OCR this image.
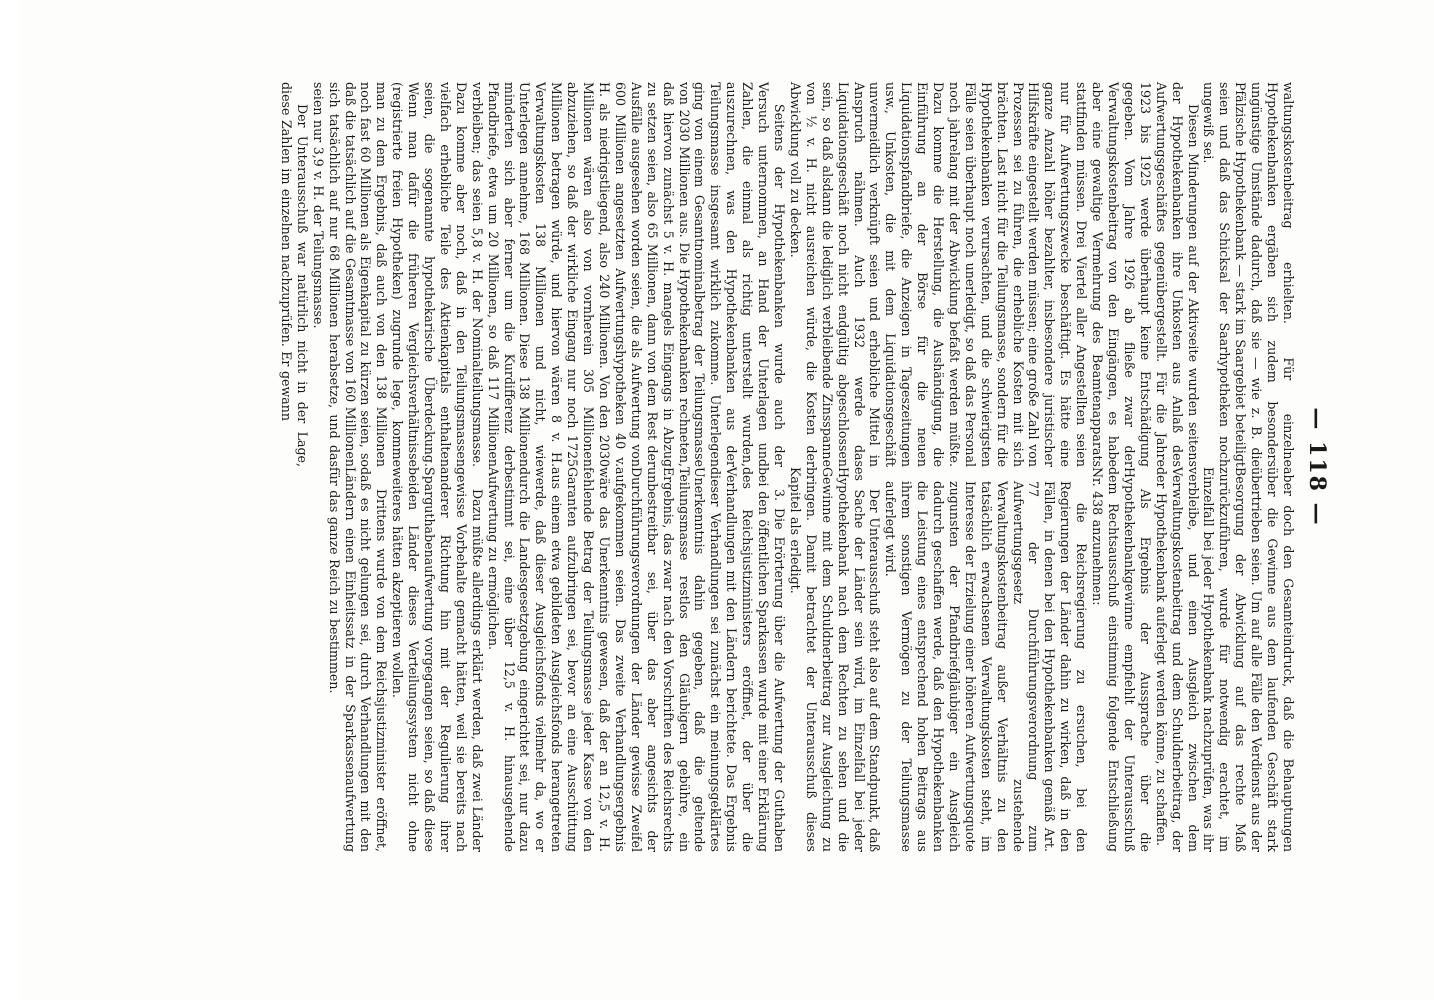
— 118 —

waltungskostenbeitrag erhielten. Für einzelne Hypothekenbanken ergäben sich zudem besonders ungünstige Umstände dadurch, daß sie — wie z. B. die Pfälzische Hypothekenbank — stark im Saargebiet beteiligt seien und daß das Schicksal der Saarhypotheken noch ungewiß sei.

Diesen Minderungen auf der Aktivseite wurden seitens der Hypothekenbanken ihre Unkosten aus Anlaß des Aufwertungsgeschäftes gegenübergestellt. Für die Jahre 1923 bis 1925 werde überhaupt keine Entschädigung gegeben. Vom Jahre 1926 ab fließe zwar der Verwaltungskostenbeitrag von den Eingängen, es habe aber eine gewaltige Vermehrung des Beamtenapparats stattfinden müssen. Drei Viertel aller Angestellten seien nur für Aufwertungszwecke beschäftigt. Es hätte eine ganze Anzahl höher bezahlter, insbesondere juristischer Hilfskräfte eingestellt werden müssen; eine große Zahl von Prozessen sei zu führen, die erhebliche Kosten mit sich brächten. Last nicht für die Teilungsmasse, sondern für die Hypothekenbanken verursachten, und die schwierigsten Fälle seien überhaupt noch unerledigt, so daß das Personal noch jahrelang mit der Abwicklung befaßt werden müßte. Dazu komme die Herstellung, die Aushändigung, die Einführung an der Börse für die neuen Liquidationspfandbriefe, die Anzeigen in Tageszeitungen usw., Unkosten, die mit dem Liquidationsgeschäft unvermeidlich verknüpft seien und erhebliche Mittel in Anspruch nähmen. Auch 1932 werde das Liquidationsgeschäft noch nicht endgültig abgeschlossen sein, so daß alsdann die lediglich verbleibende Zinsspanne von ½ v. H. nicht ausreichen würde, die Kosten der Abwicklung voll zu decken.

Seitens der Hypothekenbanken wurde auch der Versuch unternommen, an Hand der Unterlagen und Zahlen, die einmal als richtig unterstellt wurden, auszurechnen, was den Hypothekenbanken aus der Teilungsmasse insgesamt wirklich zukomme. Unterlegen ging von einem Gesamtnominalbetrag der Teilungsmasse von 2030 Millionen aus. Die Hypothekenbanken rechneten, daß hiervon zunächst 5 v. H. mangels Eingangs in Abzug zu setzen seien, also 65 Millionen, dann von dem Rest der Ausfälle ausgesehen worden seien, die als Aufwertung von 600 Millionen angesetzten Aufwertungshypotheken 40 v. H. als niedrigstliegend, also 240 Millionen. Von den 2030 Millionen wären also von vornherein 305 Millionen abzuziehen, so daß der wirkliche Eingang nur noch 1725 Millionen betragen würde, und hiervon wären 8 v. H. Verwaltungskosten 138 Millionen und nicht, wie Unterlegen annehme, 168 Millionen. Diese 138 Millionen minderten sich aber ferner um die Kurdifferenz der Pfandbriefe, etwa um 20 Millionen, so daß 117 Millionen verbleiben; das seien 5,8 v. H. der Nominalteilungsmasse. Dazu komme aber noch, daß in den Teilungsmassen vielfach erhebliche Teile des Aktienkapitals enthalten seien, die sogenannte hypothekarische Überdeckung. Wenn man dafür die früheren Vergleichsverhältnisse (registrierte freien Hypotheken) zugrunde lege, komme man zu dem Ergebnis, daß auch von den 138 Millionen noch fast 60 Millionen als Eigenkapital zu kürzen seien, so daß die tatsächlich auf die Gesamtmasse von 160 Millionen sich tatsächlich auf nur 68 Millionen herabsetze, und das seien nur 3,9 v. H. der Teilungsmasse.

Der Unterausschuß war natürlich nicht in der Lage, diese Zahlen im einzelnen nachzuprüfen. Er gewann

aber doch den Gesamteindruck, daß die Behauptungen über die Gewinne aus dem laufenden Geschäft stark übertrieben seien. Um auf alle Fälle den Verdienst aus der Besorgung der Abwicklung auf das rechte Maß zurückzuführen, wurde für notwendig erachtet, im Einzelfall bei jeder Hypothekenbank nachzuprüfen, was ihr verbleibe, und einen Ausgleich zwischen dem Verwaltungskostenbeitrag und dem Schuldnerbeitrag, der der Hypothekenbank auferlegt werden könne, zu schaffen.

Als Ergebnis der Aussprache über die Hypothekenbankgewinne empfiehlt der Unterausschuß dem Rechtsausschuß einstimmig folgende Entschließung Nr. 438 anzunehmen:

die Reichsregierung zu ersuchen, bei den Regierungen der Länder dahin zu wirken, daß in den Fällen, in denen bei den Hypothekenbanken gemäß Art. 77 der Durchführungsverordnung zum Aufwertungsgesetz zustehende Verwaltungskostenbeitrag außer Verhältnis zu den tatsächlich erwachsenen Verwaltungskosten steht, im Interesse der Erzielung einer höheren Aufwertungsquote zugunsten der Pfandbriefgläubiger ein Ausgleich dadurch geschaffen werde, daß den Hypothekenbanken die Leistung eines entsprechend hohen Beitrags aus ihrem sonstigen Vermögen zu der Teilungsmasse auferlegt wird.

Der Unterausschuß steht also auf dem Standpunkt, daß es Sache der Länder sein wird, im Einzelfall bei jeder Hypothekenbank nach dem Rechten zu sehen und die Gewinne mit dem Schuldnerbeitrag zur Ausgleichung zu bringen. Damit betrachtet der Unterausschuß dieses Kapitel als erledigt.

3. Die Erörterung über die Aufwertung der Guthaben bei den öffentlichen Sparkassen wurde mit einer Erklärung des Reichsjustizministers eröffnet, der über die Verhandlungen mit den Ländern berichtete. Das Ergebnis dieser Verhandlungen sei zunächst ein meinungsgeklärtes Unerkenntnis dahin gegeben, daß die geltende Teilungsmasse restlos den Gläubigern gebühre, ein Ergebnis, das zwar nach den Vorschriften des Reichsrechts unbestreitbar sei, über das aber angesichts der Durchführungsverordnungen der Länder gewisse Zweifel aufgekommen seien. Das zweite Verhandlungsergebnis wäre das Unerkenntnis gewesen, daß der an 12,5 v. H. fehlende Betrag der Teilungsmasse jeder Kasse von den Garanten aufzubringen sei, bevor an eine Ausschüttung aus einem etwa gebildeten Ausgleichsfonds herangetreten werde, daß dieser Ausgleichsfonds vielmehr da, wo er durch die Landesgesetzgebung eingerichtet sei, nur dazu bestimmt sei, eine über 12,5 v. H. hinausgehende Aufwertung zu ermöglichen.

Dazu müßte allerdings erklärt werden, daß zwei Länder gewisse Vorbehalte gemacht hätten, weil sie bereits nach anderer Richtung hin mit der Regulierung ihrer Sparguthabenaufwertung vorgegangen seien, so daß diese beiden Länder dieses Verteilungssystem nicht ohne weiteres hätten akzeptieren wollen.

Drittens wurde von dem Reichsjustizminister eröffnet, daß es nicht gelungen sei, durch Verhandlungen mit den Ländern einen Einheitssatz in der Sparkassenaufwertung für das ganze Reich zu bestimmen.
